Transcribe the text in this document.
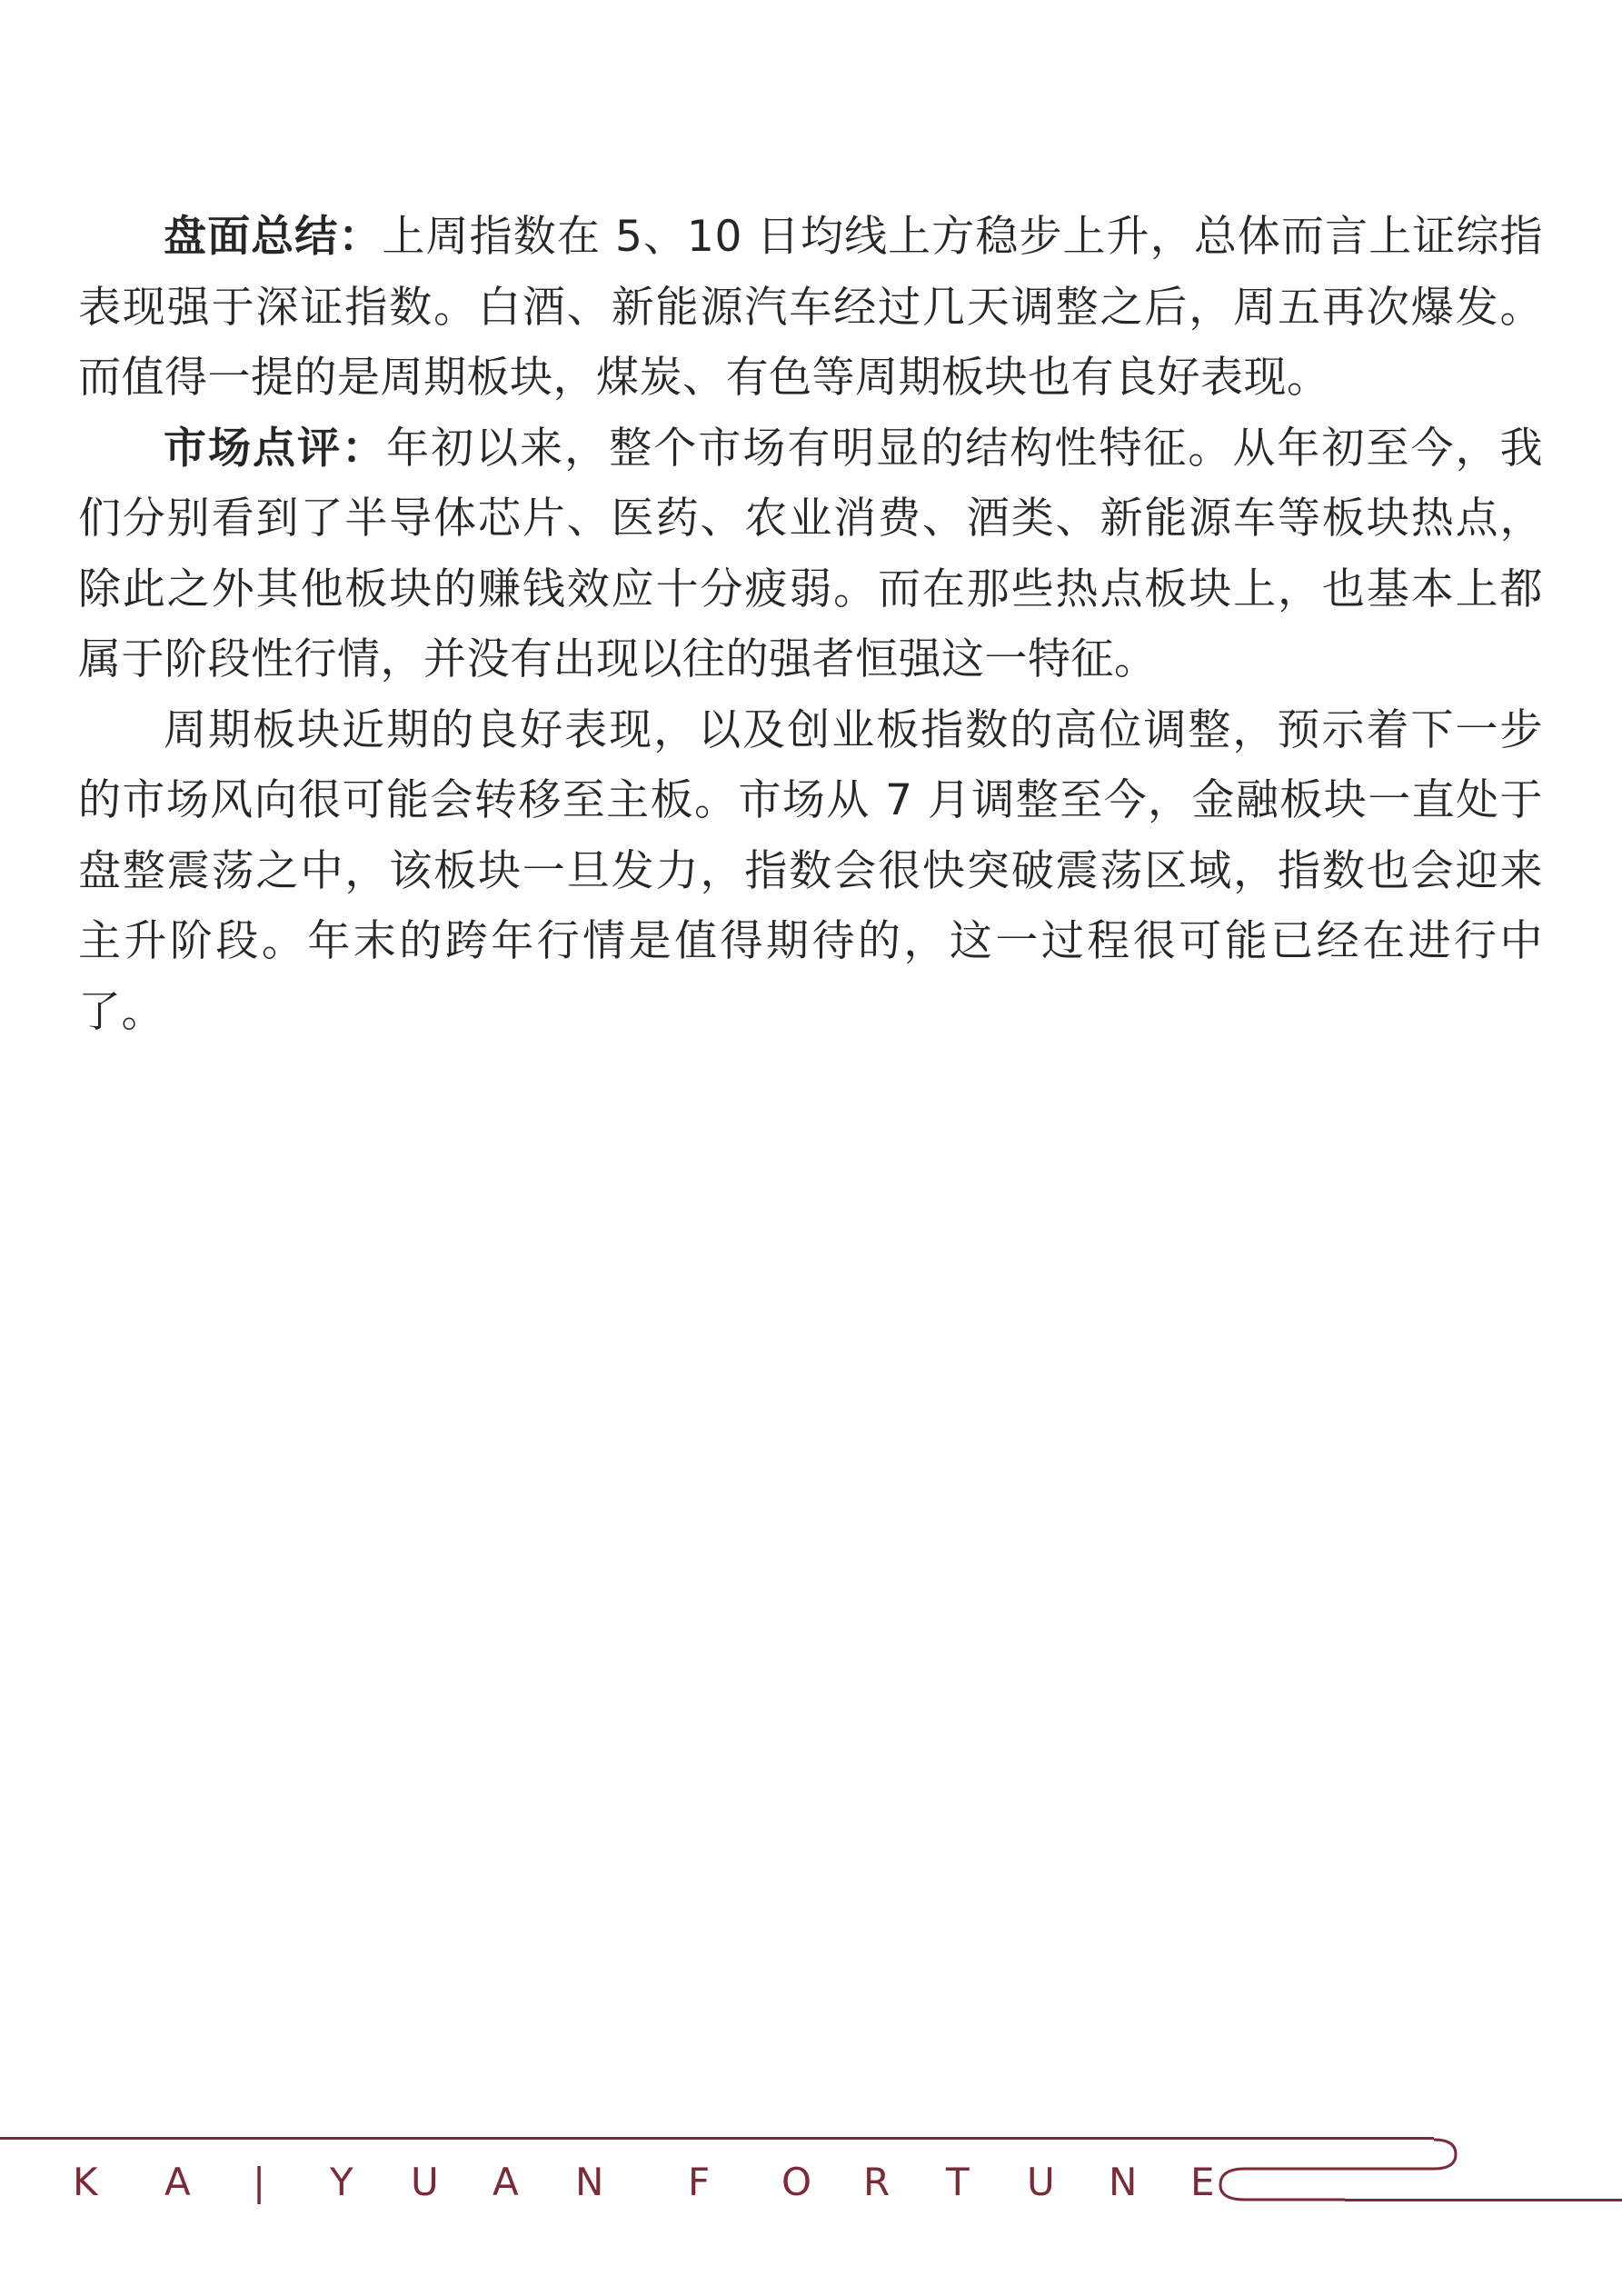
盘面总结：上周指数在 5、10 日均线上方稳步上升，总体而言上证综指表现强于深证指数。白酒、新能源汽车经过几天调整之后，周五再次爆发。而值得一提的是周期板块，煤炭、有色等周期板块也有良好表现。

市场点评：年初以来，整个市场有明显的结构性特征。从年初至今，我们分别看到了半导体芯片、医药、农业消费、酒类、新能源车等板块热点，除此之外其他板块的赚钱效应十分疲弱。而在那些热点板块上，也基本上都属于阶段性行情，并没有出现以往的强者恒强这一特征。

周期板块近期的良好表现，以及创业板指数的高位调整，预示着下一步的市场风向很可能会转移至主板。市场从 7 月调整至今，金融板块一直处于盘整震荡之中，该板块一旦发力，指数会很快突破震荡区域，指数也会迎来主升阶段。年末的跨年行情是值得期待的，这一过程很可能已经在进行中了。

K A | Y U A N F O R T U N E
